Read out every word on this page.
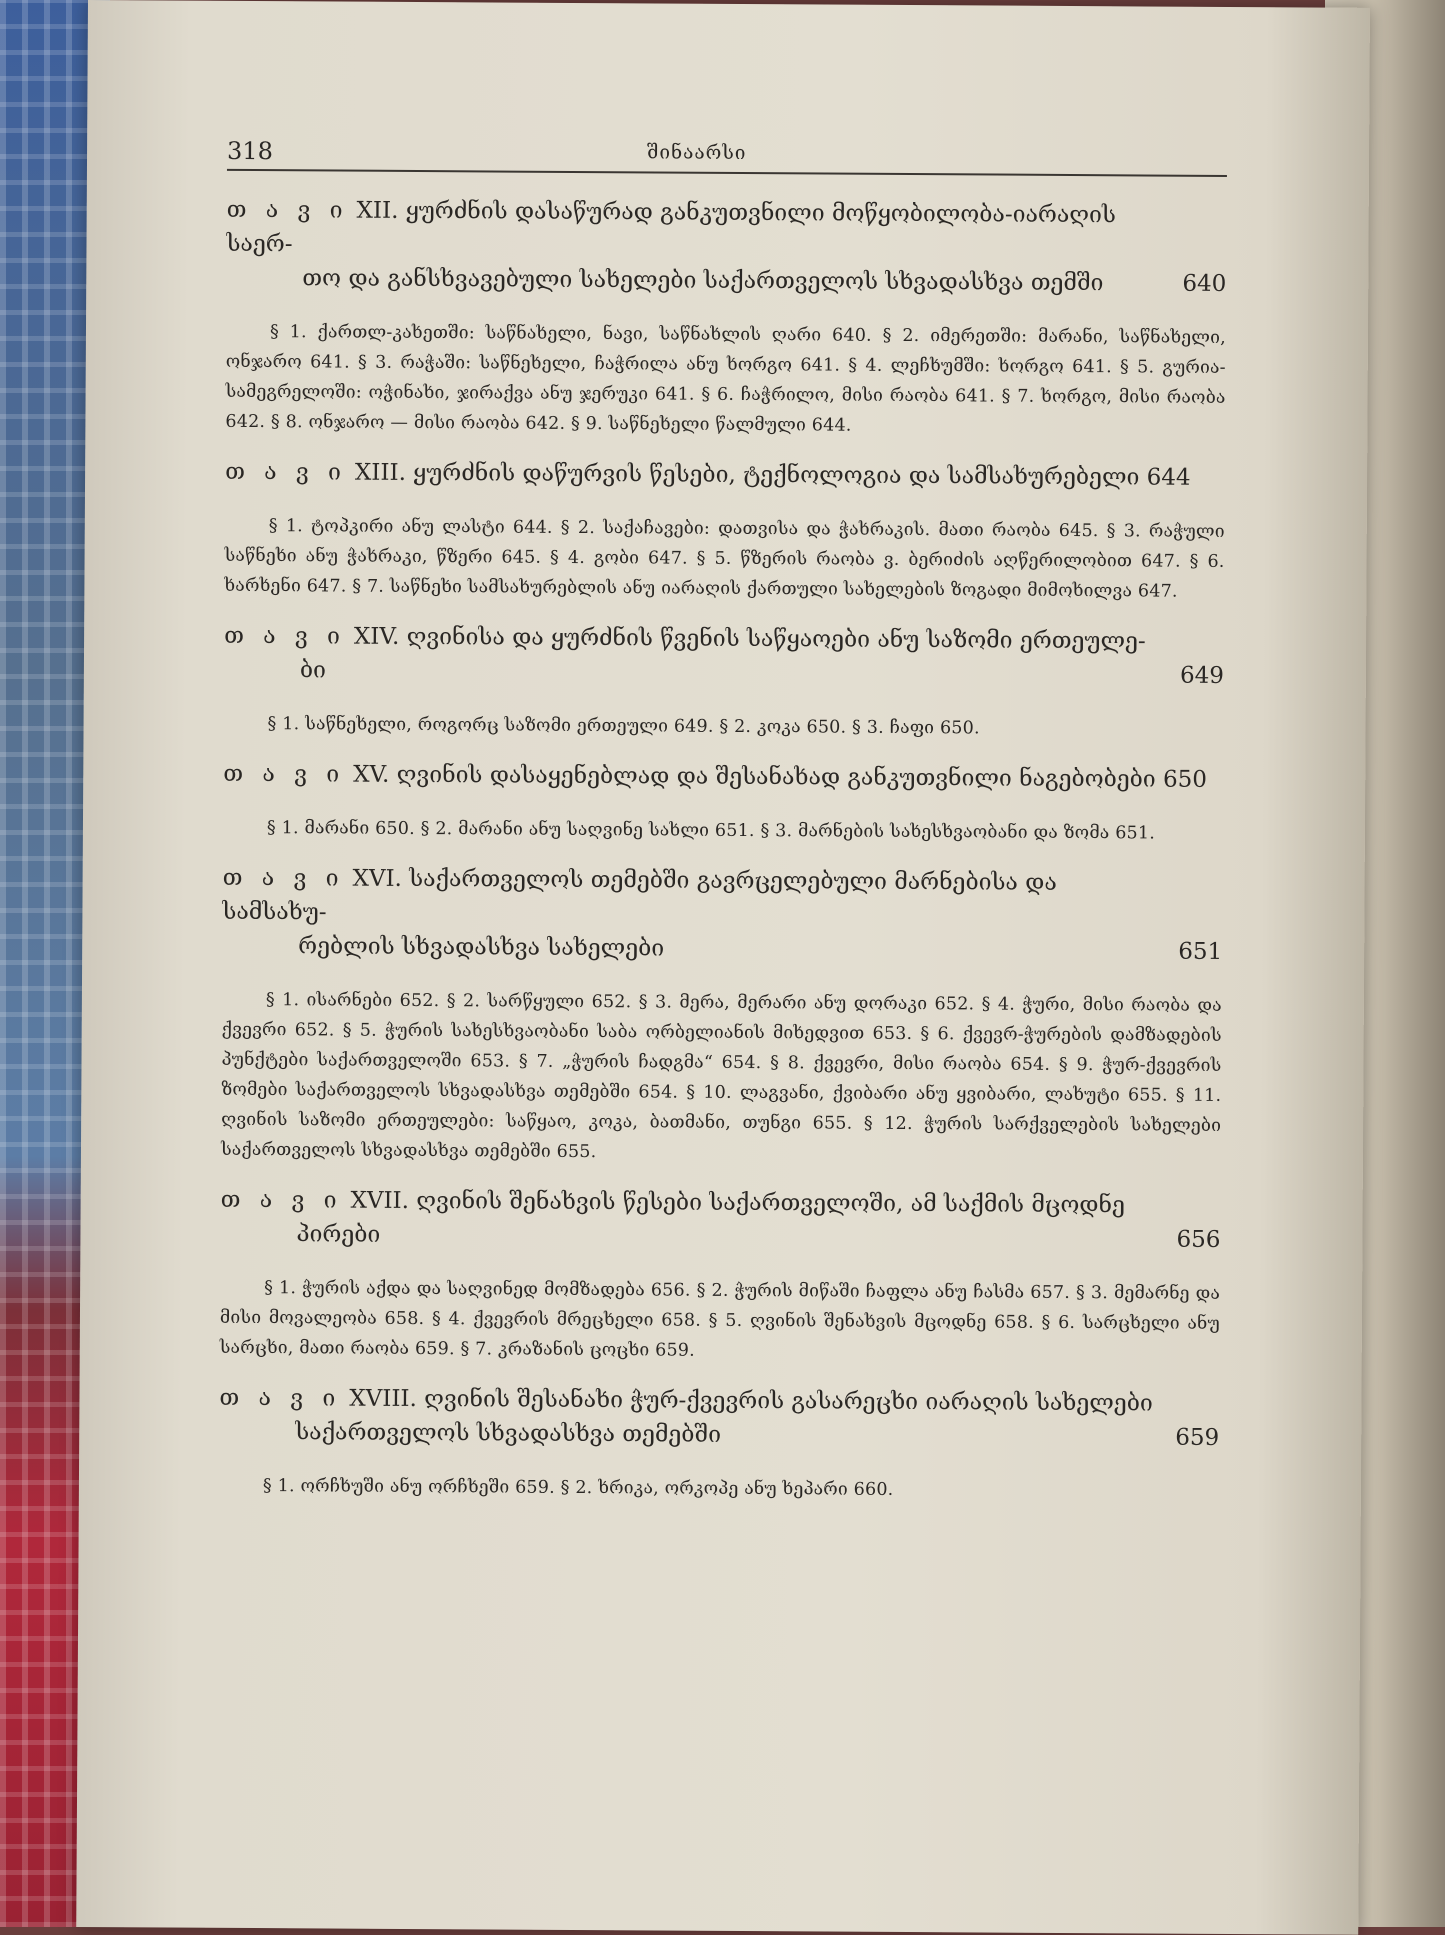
318	შინაარსი
თ ა ვ ი XII. ყურძნის დასაწურად განკუთვნილი მოწყობილობა-იარაღის საერ-
თო და განსხვავებული სახელები საქართველოს სხვადასხვა თემში	640
§ 1. ქართლ-კახეთში: საწნახელი, ნავი, საწნახლის ღარი 640. § 2. იმერეთში: მარანი, საწნახელი, ონჯარო 641. § 3. რაჭაში: საწნეხელი, ჩაჭრილა ანუ ხორგო 641. § 4. ლეჩხუმში: ხორგო 641. § 5. გურია-სამეგრელოში: ოჭინახი, ჯირაქვა ანუ ჯერუკი 641. § 6. ჩაჭრილო, მისი რაობა 641. § 7. ხორგო, მისი რაობა 642. § 8. ონჯარო — მისი რაობა 642. § 9. საწნეხელი წალმული 644.
თ ა ვ ი XIII. ყურძნის დაწურვის წესები, ტექნოლოგია და სამსახურებელი 644
§ 1. ტოპკირი ანუ ლასტი 644. § 2. საქაჩავები: დათვისა და ჭახრაკის. მათი რაობა 645. § 3. რაჭული საწნეხი ანუ ჭახრაკი, წზერი 645. § 4. გობი 647. § 5. წზერის რაობა ვ. ბერიძის აღწერილობით 647. § 6. ხარხენი 647. § 7. საწნეხი სამსახურებლის ანუ იარაღის ქართული სახელების ზოგადი მიმოხილვა 647.
თ ა ვ ი XIV. ღვინისა და ყურძნის წვენის საწყაოები ანუ საზომი ერთეულე-
ბი	649
§ 1. საწნეხელი, როგორც საზომი ერთეული 649. § 2. კოკა 650. § 3. ჩაფი 650.
თ ა ვ ი XV. ღვინის დასაყენებლად და შესანახად განკუთვნილი ნაგებობები 650
§ 1. მარანი 650. § 2. მარანი ანუ საღვინე სახლი 651. § 3. მარნების სახესხვაობანი და ზომა 651.
თ ა ვ ი XVI. საქართველოს თემებში გავრცელებული მარნებისა და სამსახუ-
რებლის სხვადასხვა სახელები	651
§ 1. ისარნები 652. § 2. სარწყული 652. § 3. მერა, მერარი ანუ დორაკი 652. § 4. ჭური, მისი რაობა და ქვევრი 652. § 5. ჭურის სახესხვაობანი საბა ორბელიანის მიხედვით 653. § 6. ქვევრ-ჭურების დამზადების პუნქტები საქართველოში 653. § 7. „ჭურის ჩადგმა“ 654. § 8. ქვევრი, მისი რაობა 654. § 9. ჭურ-ქვევრის ზომები საქართველოს სხვადასხვა თემებში 654. § 10. ლაგვანი, ქვიბარი ანუ ყვიბარი, ლახუტი 655. § 11. ღვინის საზომი ერთეულები: საწყაო, კოკა, ბათმანი, თუნგი 655. § 12. ჭურის სარქველების სახელები საქართველოს სხვადასხვა თემებში 655.
თ ა ვ ი XVII. ღვინის შენახვის წესები საქართველოში, ამ საქმის მცოდნე
პირები	656
§ 1. ჭურის აქდა და საღვინედ მომზადება 656. § 2. ჭურის მიწაში ჩაფლა ანუ ჩასმა 657. § 3. მემარნე და მისი მოვალეობა 658. § 4. ქვევრის მრეცხელი 658. § 5. ღვინის შენახვის მცოდნე 658. § 6. სარცხელი ანუ სარცხი, მათი რაობა 659. § 7. კრაზანის ცოცხი 659.
თ ა ვ ი XVIII. ღვინის შესანახი ჭურ-ქვევრის გასარეცხი იარაღის სახელები
საქართველოს სხვადასხვა თემებში	659
§ 1. ორჩხუში ანუ ორჩხეში 659. § 2. ხრიკა, ორკოპე ანუ ხეპარი 660.
